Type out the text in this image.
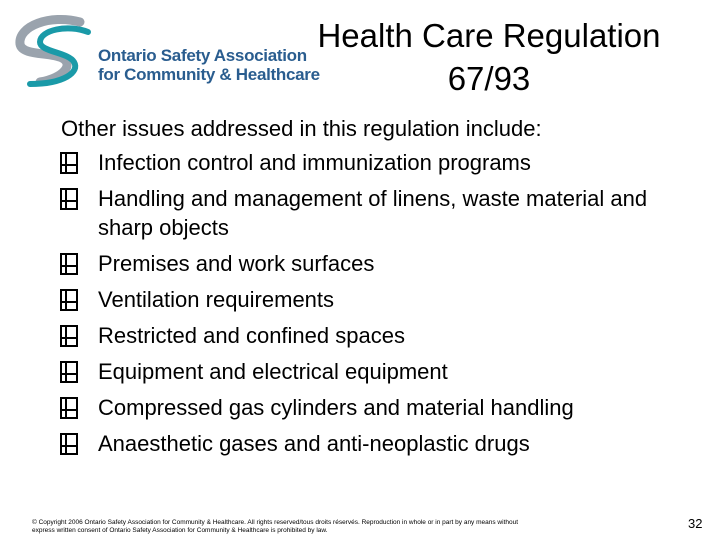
Ontario Safety Association
for Community & Healthcare
Health Care Regulation
67/93
Other issues addressed in this regulation include:
Infection control and immunization programs
Handling and management of linens, waste material and sharp objects
Premises and work surfaces
Ventilation requirements
Restricted and confined spaces
Equipment and electrical equipment
Compressed gas cylinders and material handling
Anaesthetic gases and anti-neoplastic drugs
© Copyright 2006 Ontario Safety Association for Community & Healthcare. All rights reserved/tous droits réservés. Reproduction in whole or in part by any means without
express written consent of Ontario Safety Association for Community & Healthcare is prohibited by law.	32
